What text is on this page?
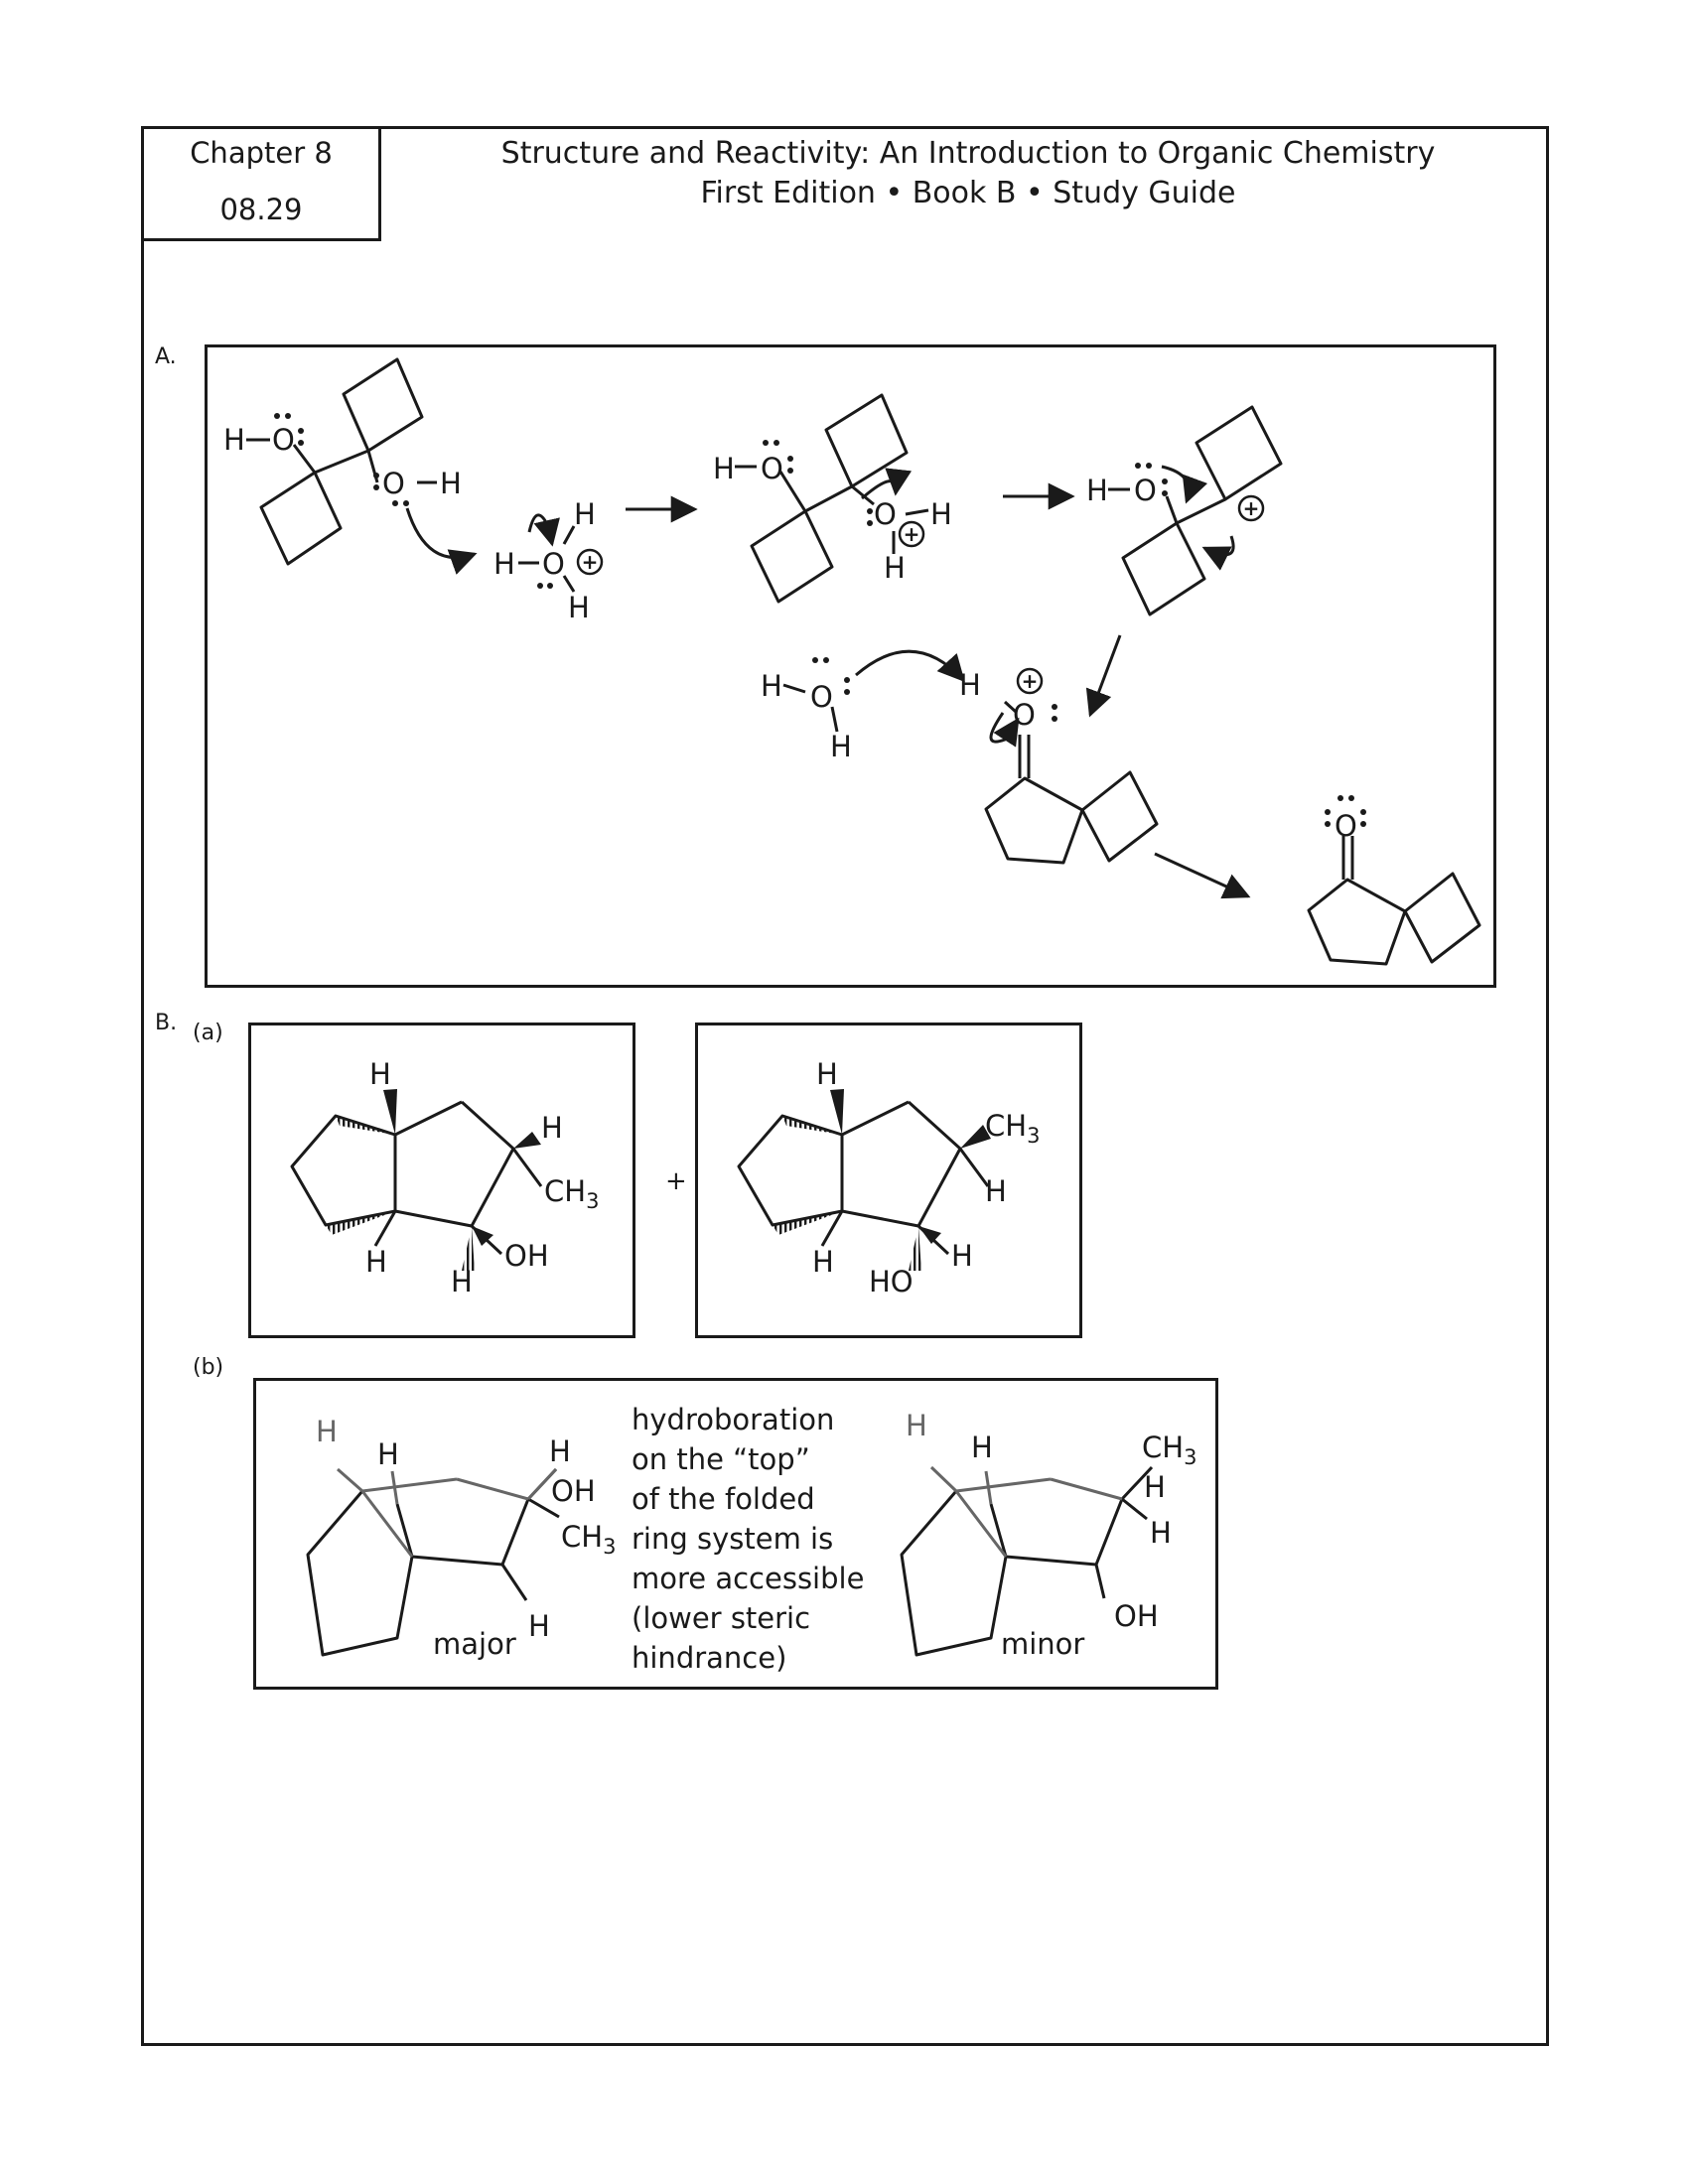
Chapter 8
08.29
Structure and Reactivity: An Introduction to Organic Chemistry
First Edition • Book B • Study Guide
A.
B. (a)
(b)
H O
O H
H
H O
H
H O
O H
H
H O
H O
H
H
O
O
+
+
+
+
H
H
$CH_3$
H
H
OH
H
$CH_3$
H
H
HO
H
+
H
H	H
OH
$CH_3$
H
major
H
H	$CH_3$
H
H
OH
minor
hydroboration
on the “top”
of the folded
ring system is
more accessible
(lower steric
hindrance)
